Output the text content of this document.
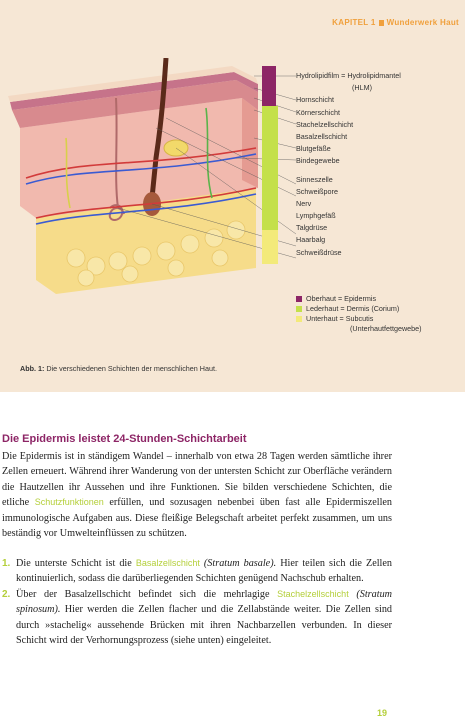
KAPITEL 1 Wunderwerk Haut
Hydrolipidfilm = Hydrolipidmantel
(HLM)
Hornschicht
Körnerschicht
Stachelzellschicht
Basalzellschicht
Blutgefäße
Bindegewebe
Sinneszelle
Schweißpore
Nerv
Lymphgefäß
Talgdrüse
Haarbalg
Schweißdrüse
Oberhaut = Epidermis
Lederhaut = Dermis (Corium)
Unterhaut = Subcutis
(Unterhautfettgewebe)
Abb. 1: Die verschiedenen Schichten der menschlichen Haut.
Die Epidermis leistet 24-Stunden-Schichtarbeit

Die Epidermis ist in ständigem Wandel – innerhalb von etwa 28 Tagen werden sämtliche ihrer Zellen erneuert. Während ihrer Wanderung von der untersten Schicht zur Oberfläche verändern die Hautzellen ihr Aussehen und ihre Funktionen. Sie bilden verschiedene Schichten, die etliche Schutzfunktionen erfüllen, und sozusagen nebenbei üben fast alle Epidermiszellen immunologische Aufgaben aus. Diese fleißige Belegschaft arbeitet perfekt zusammen, um uns beständig vor Umwelteinflüssen zu schützen.

1. Die unterste Schicht ist die Basalzellschicht (Stratum basale). Hier teilen sich die Zellen kontinuierlich, sodass die darüberliegenden Schichten genügend Nachschub erhalten.
2. Über der Basalzellschicht befindet sich die mehrlagige Stachelzellschicht (Stratum spinosum). Hier werden die Zellen flacher und die Zellabstände weiter. Die Zellen sind durch »stachelig« aussehende Brücken mit ihren Nachbarzellen verbunden. In dieser Schicht wird der Verhornungsprozess (siehe unten) eingeleitet.
19
